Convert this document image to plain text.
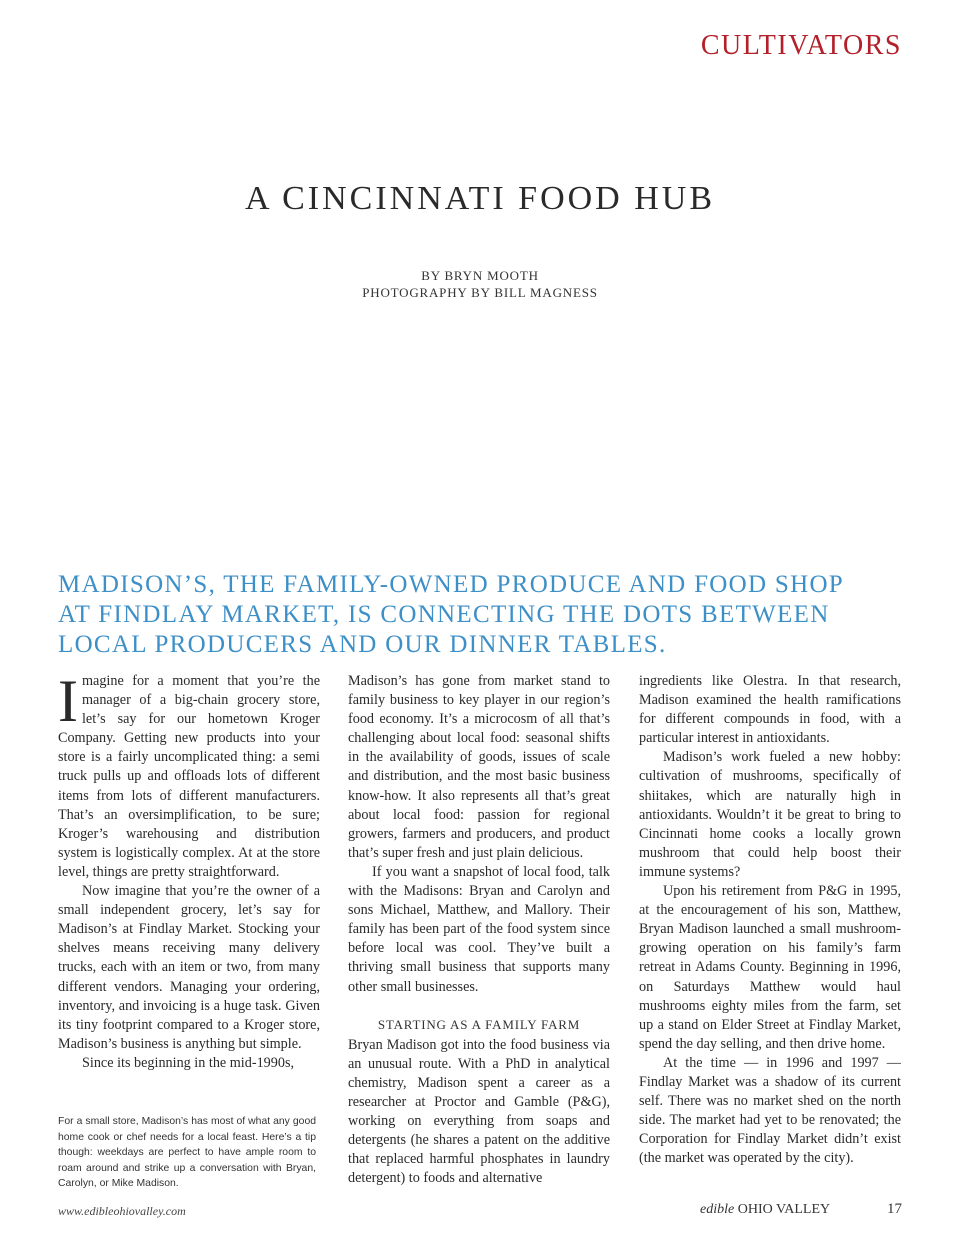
CULTIVATORS
A CINCINNATI FOOD HUB
BY BRYN MOOTH
PHOTOGRAPHY BY BILL MAGNESS
MADISON’S, THE FAMILY-OWNED PRODUCE AND FOOD SHOP AT FINDLAY MARKET, IS CONNECTING THE DOTS BETWEEN LOCAL PRODUCERS AND OUR DINNER TABLES.

Imagine for a moment that you’re the manager of a big-chain grocery store, let’s say for our hometown Kroger Company. Getting new products into your store is a fairly uncomplicated thing: a semi truck pulls up and offloads lots of different items from lots of different manufacturers. That’s an oversimplification, to be sure; Kroger’s warehousing and distribution system is logistically complex. At at the store level, things are pretty straightforward.

Now imagine that you’re the owner of a small independent grocery, let’s say for Madison’s at Findlay Market. Stocking your shelves means receiving many delivery trucks, each with an item or two, from many different vendors. Managing your ordering, inventory, and invoicing is a huge task. Given its tiny footprint compared to a Kroger store, Madison’s business is anything but simple.

Since its beginning in the mid-1990s,

Madison’s has gone from market stand to family business to key player in our region’s food economy. It’s a microcosm of all that’s challenging about local food: seasonal shifts in the availability of goods, issues of scale and distribution, and the most basic business know-how. It also represents all that’s great about local food: passion for regional growers, farmers and producers, and product that’s super fresh and just plain delicious.

If you want a snapshot of local food, talk with the Madisons: Bryan and Carolyn and sons Michael, Matthew, and Mallory. Their family has been part of the food system since before local was cool. They’ve built a thriving small business that supports many other small businesses.

STARTING AS A FAMILY FARM

Bryan Madison got into the food business via an unusual route. With a PhD in analytical chemistry, Madison spent a career as a researcher at Proctor and Gamble (P&G), working on everything from soaps and detergents (he shares a patent on the additive that replaced harmful phosphates in laundry detergent) to foods and alternative

ingredients like Olestra. In that research, Madison examined the health ramifications for different compounds in food, with a particular interest in antioxidants.

Madison’s work fueled a new hobby: cultivation of mushrooms, specifically of shiitakes, which are naturally high in antioxidants. Wouldn’t it be great to bring to Cincinnati home cooks a locally grown mushroom that could help boost their immune systems?

Upon his retirement from P&G in 1995, at the encouragement of his son, Matthew, Bryan Madison launched a small mushroom-growing operation on his family’s farm retreat in Adams County. Beginning in 1996, on Saturdays Matthew would haul mushrooms eighty miles from the farm, set up a stand on Elder Street at Findlay Market, spend the day selling, and then drive home.

At the time — in 1996 and 1997 — Findlay Market was a shadow of its current self. There was no market shed on the north side. The market had yet to be renovated; the Corporation for Findlay Market didn’t exist (the market was operated by the city).

For a small store, Madison’s has most of what any good home cook or chef needs for a local feast. Here’s a tip though: weekdays are perfect to have ample room to roam around and strike up a conversation with Bryan, Carolyn, or Mike Madison.
www.edibleohiovalley.com	edible OHIO VALLEY	17
